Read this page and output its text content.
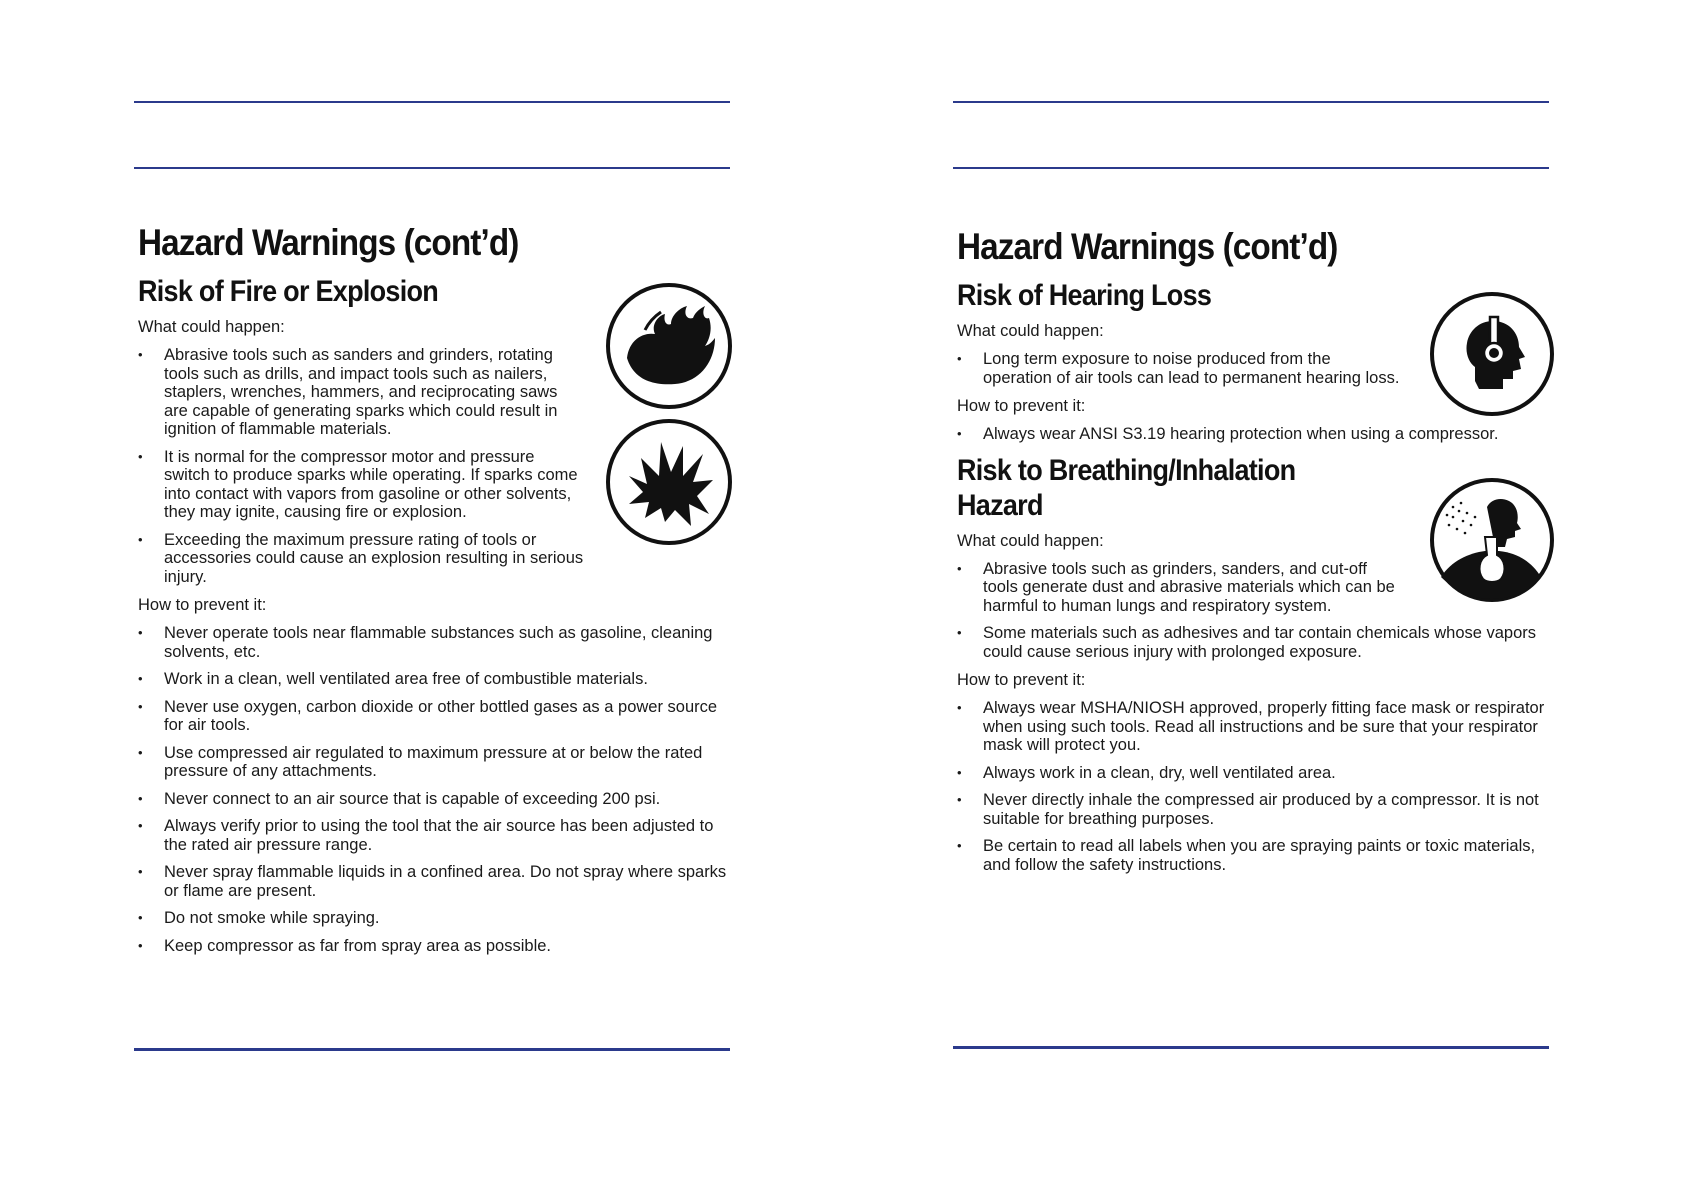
Hazard Warnings (cont’d)
Risk of Fire or Explosion
What could happen:
• Abrasive tools such as sanders and grinders, rotating tools such as drills, and impact tools such as nailers, staplers, wrenches, hammers, and reciprocating saws are capable of generating sparks which could result in ignition of flammable materials.
• It is normal for the compressor motor and pressure switch to produce sparks while operating. If sparks come into contact with vapors from gasoline or other solvents, they may ignite, causing fire or explosion.
• Exceeding the maximum pressure rating of tools or accessories could cause an explosion resulting in serious injury.
How to prevent it:
• Never operate tools near flammable substances such as gasoline, cleaning solvents, etc.
• Work in a clean, well ventilated area free of combustible materials.
• Never use oxygen, carbon dioxide or other bottled gases as a power source for air tools.
• Use compressed air regulated to maximum pressure at or below the rated pressure of any attachments.
• Never connect to an air source that is capable of exceeding 200 psi.
• Always verify prior to using the tool that the air source has been adjusted to the rated air pressure range.
• Never spray flammable liquids in a confined area. Do not spray where sparks or flame are present.
• Do not smoke while spraying.
• Keep compressor as far from spray area as possible.
Hazard Warnings (cont’d)
Risk of Hearing Loss
What could happen:
• Long term exposure to noise produced from the operation of air tools can lead to permanent hearing loss.
How to prevent it:
• Always wear ANSI S3.19 hearing protection when using a compressor.
Risk to Breathing/Inhalation Hazard
What could happen:
• Abrasive tools such as grinders, sanders, and cut-off tools generate dust and abrasive materials which can be harmful to human lungs and respiratory system.
• Some materials such as adhesives and tar contain chemicals whose vapors could cause serious injury with prolonged exposure.
How to prevent it:
• Always wear MSHA/NIOSH approved, properly fitting face mask or respirator when using such tools. Read all instructions and be sure that your respirator mask will protect you.
• Always work in a clean, dry, well ventilated area.
• Never directly inhale the compressed air produced by a compressor. It is not suitable for breathing purposes.
• Be certain to read all labels when you are spraying paints or toxic materials, and follow the safety instructions.
